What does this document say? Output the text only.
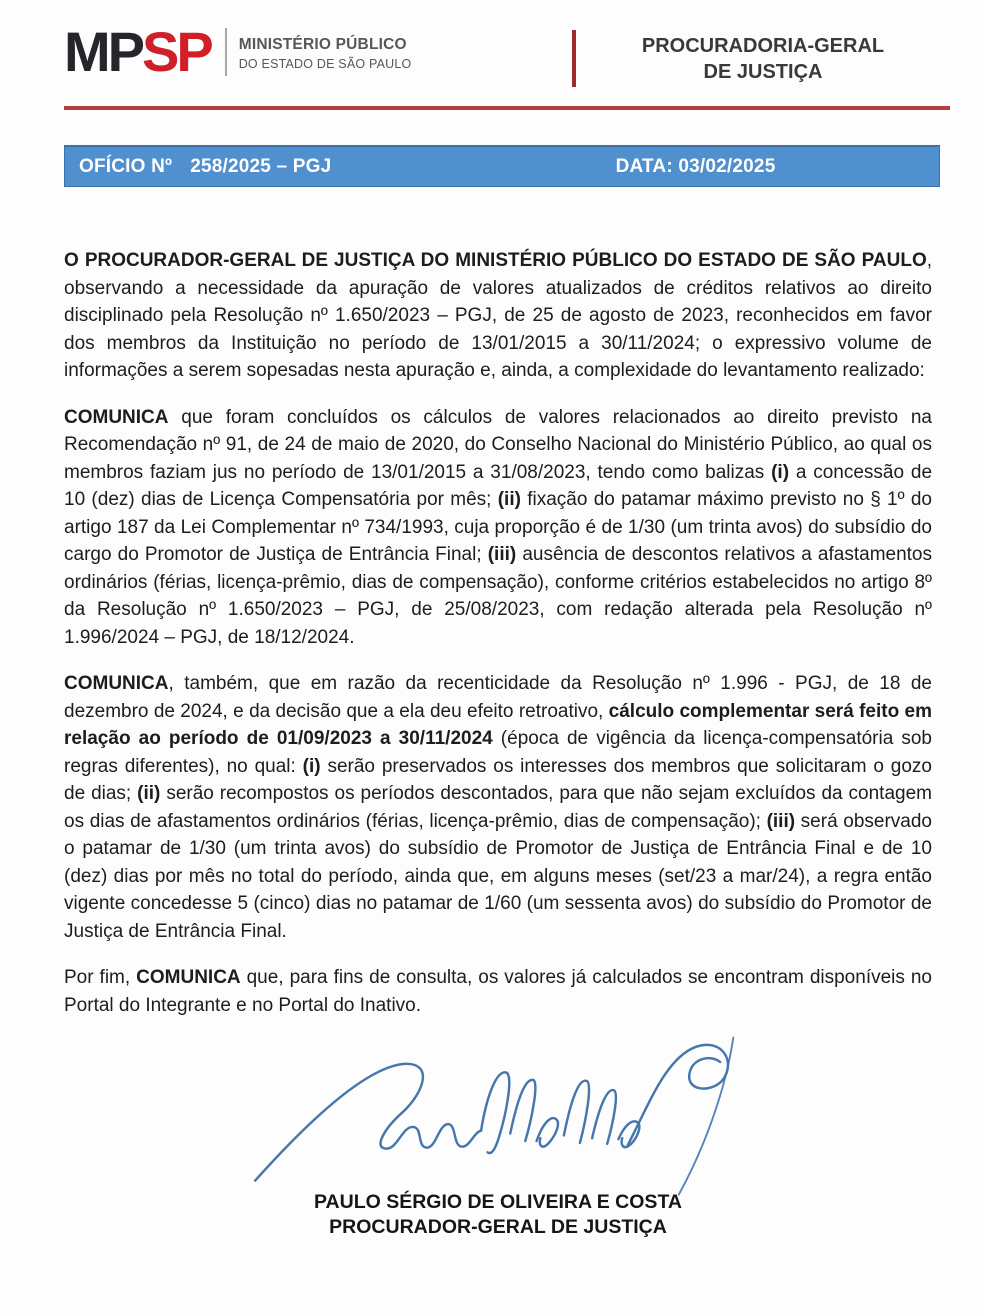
MPSP MINISTÉRIO PÚBLICO
DO ESTADO DE SÃO PAULO
PROCURADORIA-GERAL
DE JUSTIÇA
OFÍCIO Nº 258/2025 – PGJ	DATA: 03/02/2025

O PROCURADOR-GERAL DE JUSTIÇA DO MINISTÉRIO PÚBLICO DO ESTADO DE SÃO PAULO, observando a necessidade da apuração de valores atualizados de créditos relativos ao direito disciplinado pela Resolução nº 1.650/2023 – PGJ, de 25 de agosto de 2023, reconhecidos em favor dos membros da Instituição no período de 13/01/2015 a 30/11/2024; o expressivo volume de informações a serem sopesadas nesta apuração e, ainda, a complexidade do levantamento realizado:

COMUNICA que foram concluídos os cálculos de valores relacionados ao direito previsto na Recomendação nº 91, de 24 de maio de 2020, do Conselho Nacional do Ministério Público, ao qual os membros faziam jus no período de 13/01/2015 a 31/08/2023, tendo como balizas (i) a concessão de 10 (dez) dias de Licença Compensatória por mês; (ii) fixação do patamar máximo previsto no § 1º do artigo 187 da Lei Complementar nº 734/1993, cuja proporção é de 1/30 (um trinta avos) do subsídio do cargo do Promotor de Justiça de Entrância Final; (iii) ausência de descontos relativos a afastamentos ordinários (férias, licença-prêmio, dias de compensação), conforme critérios estabelecidos no artigo 8º da Resolução nº 1.650/2023 – PGJ, de 25/08/2023, com redação alterada pela Resolução nº 1.996/2024 – PGJ, de 18/12/2024.

COMUNICA, também, que em razão da recenticidade da Resolução nº 1.996 - PGJ, de 18 de dezembro de 2024, e da decisão que a ela deu efeito retroativo, cálculo complementar será feito em relação ao período de 01/09/2023 a 30/11/2024 (época de vigência da licença-compensatória sob regras diferentes), no qual: (i) serão preservados os interesses dos membros que solicitaram o gozo de dias; (ii) serão recompostos os períodos descontados, para que não sejam excluídos da contagem os dias de afastamentos ordinários (férias, licença-prêmio, dias de compensação); (iii) será observado o patamar de 1/30 (um trinta avos) do subsídio de Promotor de Justiça de Entrância Final e de 10 (dez) dias por mês no total do período, ainda que, em alguns meses (set/23 a mar/24), a regra então vigente concedesse 5 (cinco) dias no patamar de 1/60 (um sessenta avos) do subsídio do Promotor de Justiça de Entrância Final.

Por fim, COMUNICA que, para fins de consulta, os valores já calculados se encontram disponíveis no Portal do Integrante e no Portal do Inativo.

PAULO SÉRGIO DE OLIVEIRA E COSTA
PROCURADOR-GERAL DE JUSTIÇA
